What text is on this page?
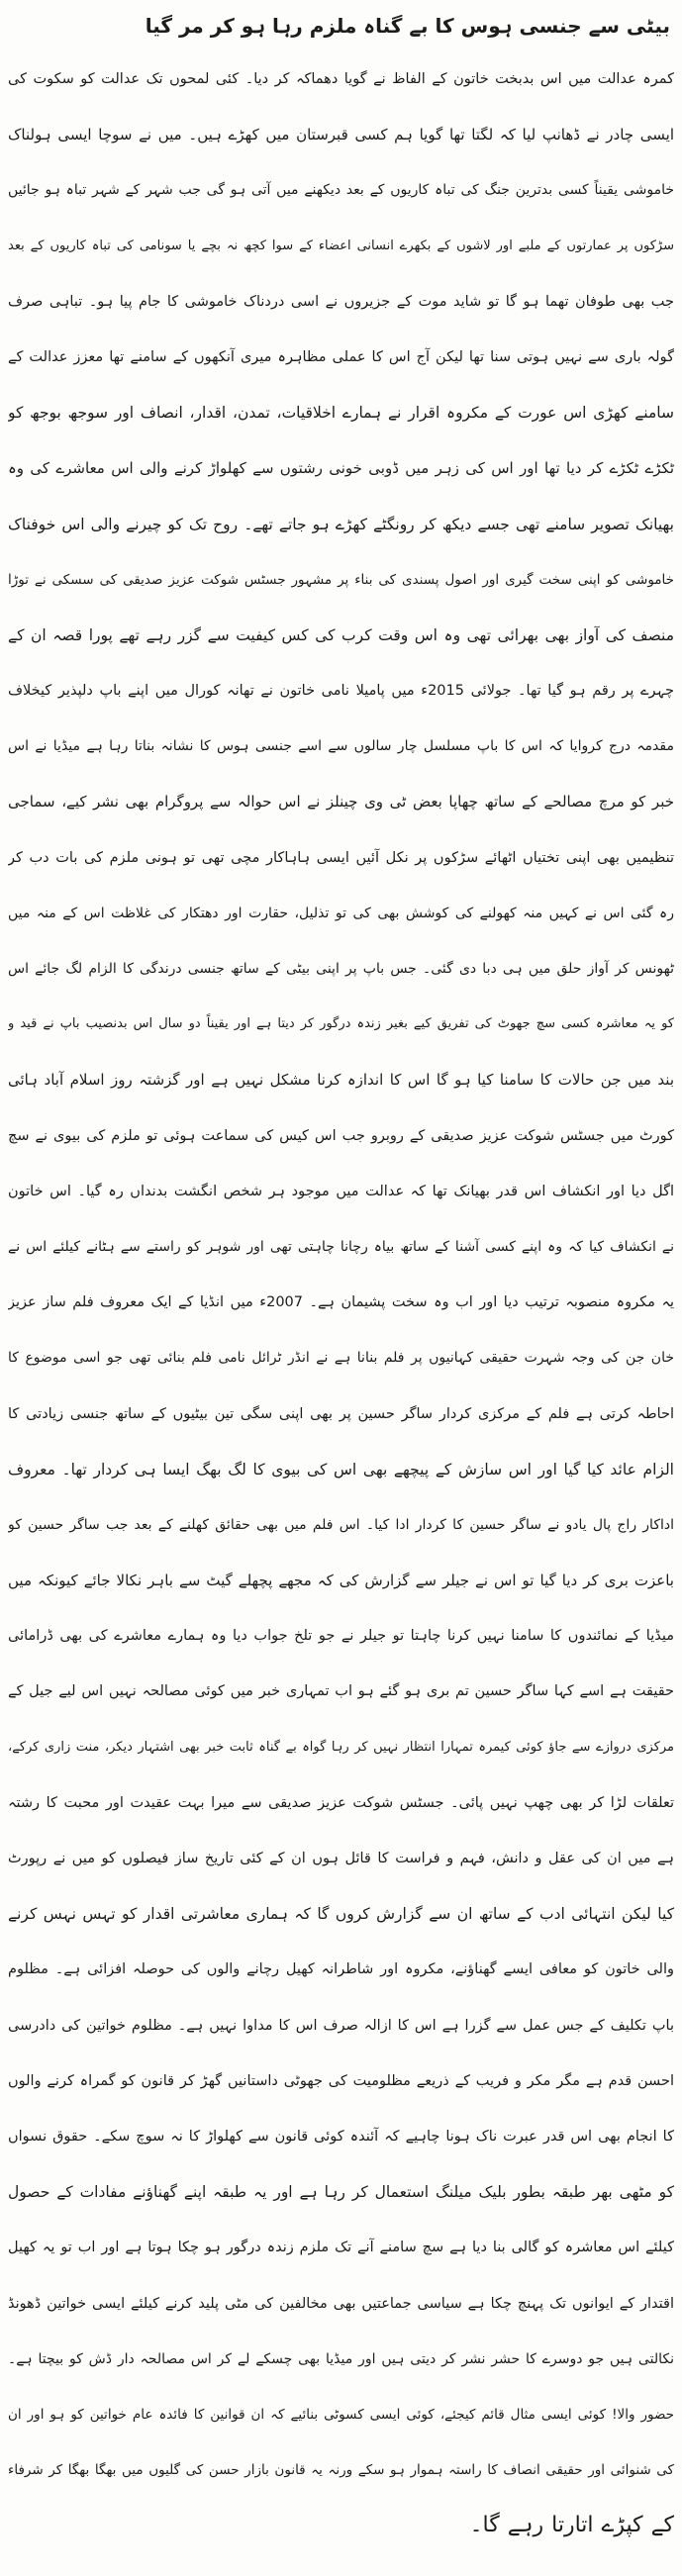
بیٹی سے جنسی ہوس کا بے گناہ ملزم رہا ہو کر مر گیا
کمرہ عدالت میں اس بدبخت خاتون کے الفاظ نے گویا دھماکہ کر دیا۔ کئی لمحوں تک عدالت کو سکوت کی
ایسی چادر نے ڈھانپ لیا کہ لگتا تھا گویا ہم کسی قبرستان میں کھڑے ہیں۔ میں نے سوچا ایسی ہولناک
خاموشی یقیناً کسی بدترین جنگ کی تباہ کاریوں کے بعد دیکھنے میں آتی ہو گی جب شہر کے شہر تباہ ہو جائیں
سڑکوں پر عمارتوں کے ملبے اور لاشوں کے بکھرے انسانی اعضاء کے سوا کچھ نہ بچے یا سونامی کی تباہ کاریوں کے بعد
جب بھی طوفان تھما ہو گا تو شاید موت کے جزیروں نے اسی دردناک خاموشی کا جام پیا ہو۔ تباہی صرف
گولہ باری سے نہیں ہوتی سنا تھا لیکن آج اس کا عملی مظاہرہ میری آنکھوں کے سامنے تھا معزز عدالت کے
سامنے کھڑی اس عورت کے مکروہ اقرار نے ہمارے اخلاقیات، تمدن، اقدار، انصاف اور سوجھ بوجھ کو
ٹکڑے ٹکڑے کر دیا تھا اور اس کی زہر میں ڈوبی خونی رشتوں سے کھلواڑ کرنے والی اس معاشرے کی وہ
بھیانک تصویر سامنے تھی جسے دیکھ کر رونگٹے کھڑے ہو جاتے تھے۔ روح تک کو چیرنے والی اس خوفناک
خاموشی کو اپنی سخت گیری اور اصول پسندی کی بناء پر مشہور جسٹس شوکت عزیز صدیقی کی سسکی نے توڑا
منصف کی آواز بھی بھرائی تھی وہ اس وقت کرب کی کس کیفیت سے گزر رہے تھے پورا قصہ ان کے
چہرے پر رقم ہو گیا تھا۔ جولائی 2015ء میں پامیلا نامی خاتون نے تھانہ کورال میں اپنے باپ دلپذیر کیخلاف
مقدمہ درج کروایا کہ اس کا باپ مسلسل چار سالوں سے اسے جنسی ہوس کا نشانہ بناتا رہا ہے میڈیا نے اس
خبر کو مرچ مصالحے کے ساتھ چھاپا بعض ٹی وی چینلز نے اس حوالہ سے پروگرام بھی نشر کیے، سماجی
تنظیمیں بھی اپنی تختیاں اٹھائے سڑکوں پر نکل آئیں ایسی ہاہاکار مچی تھی تو ہونی ملزم کی بات دب کر
رہ گئی اس نے کہیں منہ کھولنے کی کوشش بھی کی تو تذلیل، حقارت اور دھتکار کی غلاظت اس کے منہ میں
ٹھونس کر آواز حلق میں ہی دبا دی گئی۔ جس باپ پر اپنی بیٹی کے ساتھ جنسی درندگی کا الزام لگ جائے اس
کو یہ معاشرہ کسی سچ جھوٹ کی تفریق کیے بغیر زندہ درگور کر دیتا ہے اور یقیناً دو سال اس بدنصیب باپ نے قید و
بند میں جن حالات کا سامنا کیا ہو گا اس کا اندازہ کرنا مشکل نہیں ہے اور گزشتہ روز اسلام آباد ہائی
کورٹ میں جسٹس شوکت عزیز صدیقی کے روبرو جب اس کیس کی سماعت ہوئی تو ملزم کی بیوی نے سچ
اگل دیا اور انکشاف اس قدر بھیانک تھا کہ عدالت میں موجود ہر شخص انگشت بدنداں رہ گیا۔ اس خاتون
نے انکشاف کیا کہ وہ اپنے کسی آشنا کے ساتھ بیاہ رچانا چاہتی تھی اور شوہر کو راستے سے ہٹانے کیلئے اس نے
یہ مکروہ منصوبہ ترتیب دیا اور اب وہ سخت پشیمان ہے۔ 2007ء میں انڈیا کے ایک معروف فلم ساز عزیز
خان جن کی وجہ شہرت حقیقی کہانیوں پر فلم بنانا ہے نے انڈر ٹرائل نامی فلم بنائی تھی جو اسی موضوع کا
احاطہ کرتی ہے فلم کے مرکزی کردار ساگر حسین پر بھی اپنی سگی تین بیٹیوں کے ساتھ جنسی زیادتی کا
الزام عائد کیا گیا اور اس سازش کے پیچھے بھی اس کی بیوی کا لگ بھگ ایسا ہی کردار تھا۔ معروف
اداکار راج پال یادو نے ساگر حسین کا کردار ادا کیا۔ اس فلم میں بھی حقائق کھلنے کے بعد جب ساگر حسین کو
باعزت بری کر دیا گیا تو اس نے جیلر سے گزارش کی کہ مجھے پچھلے گیٹ سے باہر نکالا جائے کیونکہ میں
میڈیا کے نمائندوں کا سامنا نہیں کرنا چاہتا تو جیلر نے جو تلخ جواب دیا وہ ہمارے معاشرے کی بھی ڈرامائی
حقیقت ہے اسے کہا ساگر حسین تم بری ہو گئے ہو اب تمہاری خبر میں کوئی مصالحہ نہیں اس لیے جیل کے
مرکزی دروازے سے جاؤ کوئی کیمرہ تمہارا انتظار نہیں کر رہا گواہ بے گناہ ثابت خبر بھی اشتہار دیکر، منت زاری کرکے،
تعلقات لڑا کر بھی چھپ نہیں پائی۔ جسٹس شوکت عزیز صدیقی سے میرا بہت عقیدت اور محبت کا رشتہ
ہے میں ان کی عقل و دانش، فہم و فراست کا قائل ہوں ان کے کئی تاریخ ساز فیصلوں کو میں نے رپورٹ
کیا لیکن انتہائی ادب کے ساتھ ان سے گزارش کروں گا کہ ہماری معاشرتی اقدار کو تہس نہس کرنے
والی خاتون کو معافی ایسے گھناؤنے، مکروہ اور شاطرانہ کھیل رچانے والوں کی حوصلہ افزائی ہے۔ مظلوم
باپ تکلیف کے جس عمل سے گزرا ہے اس کا ازالہ صرف اس کا مداوا نہیں ہے۔ مظلوم خواتین کی دادرسی
احسن قدم ہے مگر مکر و فریب کے ذریعے مظلومیت کی جھوٹی داستانیں گھڑ کر قانون کو گمراہ کرنے والوں
کا انجام بھی اس قدر عبرت ناک ہونا چاہیے کہ آئندہ کوئی قانون سے کھلواڑ کا نہ سوچ سکے۔ حقوق نسواں
کو مٹھی بھر طبقہ بطور بلیک میلنگ استعمال کر رہا ہے اور یہ طبقہ اپنے گھناؤنے مفادات کے حصول
کیلئے اس معاشرہ کو گالی بنا دیا ہے سچ سامنے آنے تک ملزم زندہ درگور ہو چکا ہوتا ہے اور اب تو یہ کھیل
اقتدار کے ایوانوں تک پہنچ چکا ہے سیاسی جماعتیں بھی مخالفین کی مٹی پلید کرنے کیلئے ایسی خواتین ڈھونڈ
نکالتی ہیں جو دوسرے کا حشر نشر کر دیتی ہیں اور میڈیا بھی چسکے لے کر اس مصالحہ دار ڈش کو بیچتا ہے۔
حضور والا! کوئی ایسی مثال قائم کیجئے، کوئی ایسی کسوٹی بنائیے کہ ان قوانین کا فائدہ عام خواتین کو ہو اور ان
کی شنوائی اور حقیقی انصاف کا راستہ ہموار ہو سکے ورنہ یہ قانون بازار حسن کی گلیوں میں بھگا بھگا کر شرفاء
کے کپڑے اتارتا رہے گا۔
